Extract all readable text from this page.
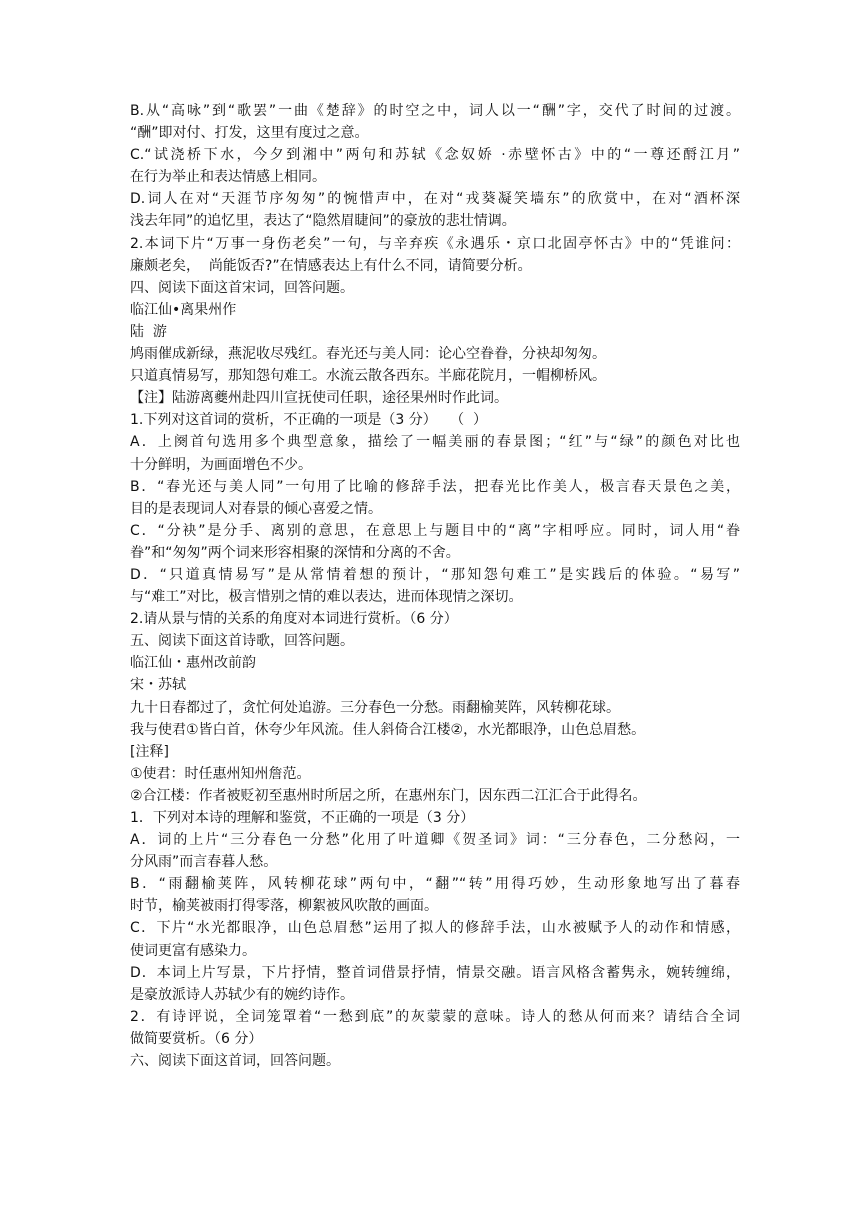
B.从“高咏”到“歌罢”一曲《楚辞》的时空之中，词人以一“酬”字，交代了时间的过渡。
“酬”即对付、打发，这里有度过之意。
C.“试浇桥下水，今夕到湘中”两句和苏轼《念奴娇 ·赤壁怀古》中的“一尊还酹江月”
在行为举止和表达情感上相同。
D.词人在对“天涯节序匆匆”的惋惜声中，在对“戎葵凝笑墙东”的欣赏中，在对“酒杯深
浅去年同”的追忆里，表达了“隐然眉睫间”的豪放的悲壮情调。
2.本词下片“万事一身伤老矣”一句，与辛弃疾《永遇乐・京口北固亭怀古》中的“凭谁问：
廉颇老矣，  尚能饭否?”在情感表达上有什么不同，请简要分析。
四、阅读下面这首宋词，回答问题。
临江仙•离果州作
陆  游
鸠雨催成新绿，燕泥收尽残红。春光还与美人同：论心空眷眷，分袂却匆匆。
只道真情易写，那知怨句难工。水流云散各西东。半廊花院月，一帽柳桥风。
【注】陆游离夔州赴四川宣抚使司任职，途径果州时作此词。
1.下列对这首词的赏析，不正确的一项是（3 分）   （  ）
A．上阕首句选用多个典型意象，描绘了一幅美丽的春景图；“红”与“绿”的颜色对比也
十分鲜明，为画面增色不少。
B．“春光还与美人同”一句用了比喻的修辞手法，把春光比作美人，极言春天景色之美，
目的是表现词人对春景的倾心喜爱之情。
C．“分袂”是分手、离别的意思，在意思上与题目中的“离”字相呼应。同时，词人用“眷
眷”和“匆匆”两个词来形容相聚的深情和分离的不舍。
D．“只道真情易写”是从常情着想的预计，“那知怨句难工”是实践后的体验。“易写”
与“难工”对比，极言惜别之情的难以表达，进而体现情之深切。
2.请从景与情的关系的角度对本词进行赏析。（6 分）
五、阅读下面这首诗歌，回答问题。
临江仙・惠州改前韵
宋・苏轼
九十日春都过了，贪忙何处追游。三分春色一分愁。雨翻榆荚阵，风转柳花球。
我与使君①皆白首，休夸少年风流。佳人斜倚合江楼②，水光都眼净，山色总眉愁。
[注释]
①使君：时任惠州知州詹范。
②合江楼：作者被贬初至惠州时所居之所，在惠州东门，因东西二江汇合于此得名。
1．下列对本诗的理解和鉴赏，不正确的一项是（3 分）
A．词的上片“三分春色一分愁”化用了叶道卿《贺圣词》词：“三分春色，二分愁闷，一
分风雨”而言春暮人愁。
B．“雨翻榆荚阵，风转柳花球”两句中，“翻”“转”用得巧妙，生动形象地写出了暮春
时节，榆荚被雨打得零落，柳絮被风吹散的画面。
C．下片“水光都眼净，山色总眉愁”运用了拟人的修辞手法，山水被赋予人的动作和情感，
使词更富有感染力。
D．本词上片写景，下片抒情，整首词借景抒情，情景交融。语言风格含蓄隽永，婉转缠绵，
是豪放派诗人苏轼少有的婉约诗作。
2．有诗评说，全词笼罩着“一愁到底”的灰蒙蒙的意味。诗人的愁从何而来？请结合全词
做简要赏析。（6 分）
六、阅读下面这首词，回答问题。
